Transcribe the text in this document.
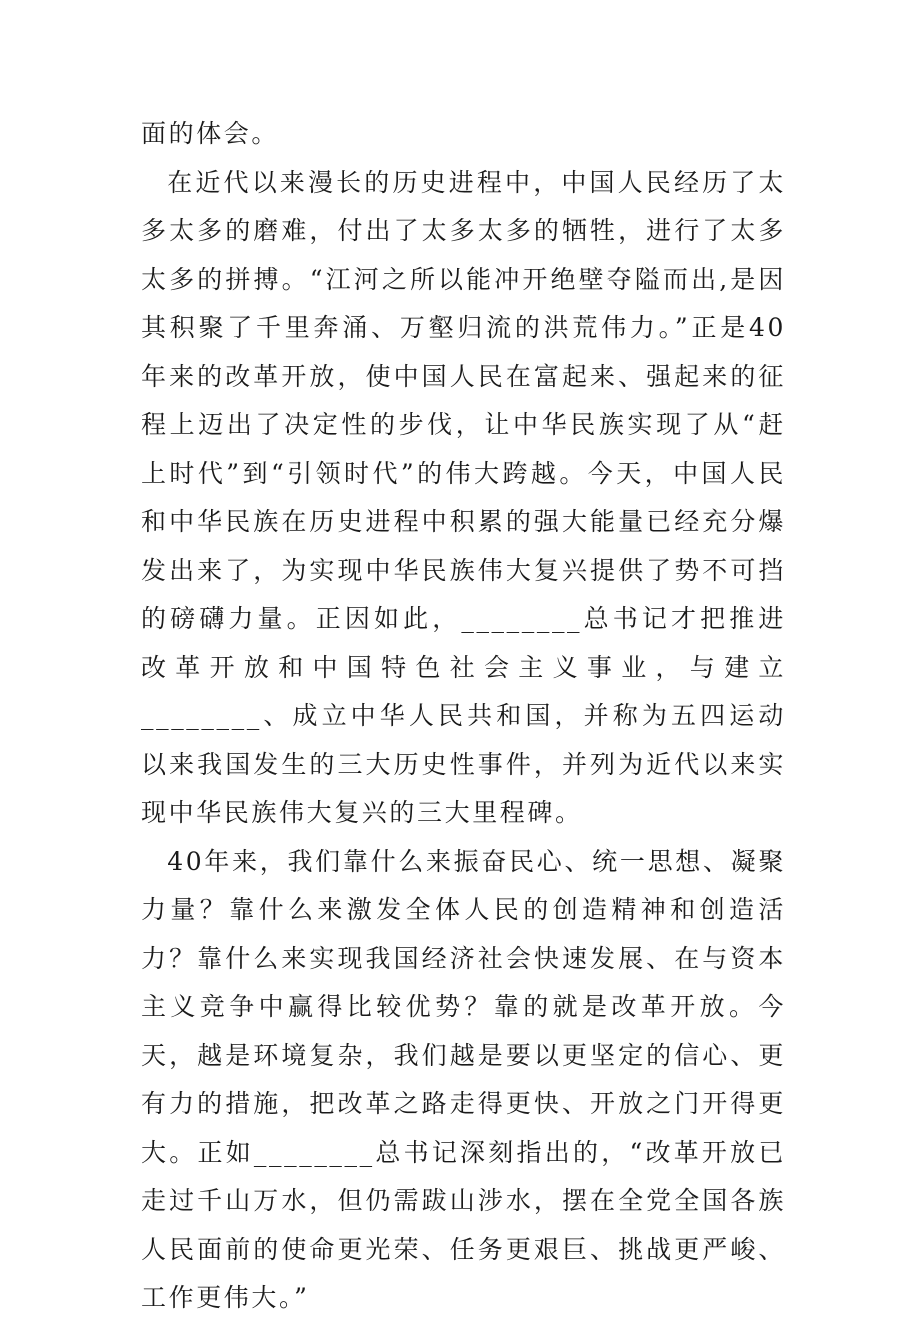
面的体会。

在近代以来漫长的历史进程中，中国人民经历了太多太多的磨难，付出了太多太多的牺牲，进行了太多太多的拼搏。“江河之所以能冲开绝壁夺隘而出,是因其积聚了千里奔涌、万壑归流的洪荒伟力。”正是40年来的改革开放，使中国人民在富起来、强起来的征程上迈出了决定性的步伐，让中华民族实现了从“赶上时代”到“引领时代”的伟大跨越。今天，中国人民和中华民族在历史进程中积累的强大能量已经充分爆发出来了，为实现中华民族伟大复兴提供了势不可挡的磅礴力量。正因如此，________总书记才把推进改革开放和中国特色社会主义事业，与建立________、成立中华人民共和国，并称为五四运动以来我国发生的三大历史性事件，并列为近代以来实现中华民族伟大复兴的三大里程碑。

40年来，我们靠什么来振奋民心、统一思想、凝聚力量？靠什么来激发全体人民的创造精神和创造活力？靠什么来实现我国经济社会快速发展、在与资本主义竞争中赢得比较优势？靠的就是改革开放。今天，越是环境复杂，我们越是要以更坚定的信心、更有力的措施，把改革之路走得更快、开放之门开得更大。正如________总书记深刻指出的，“改革开放已走过千山万水，但仍需跋山涉水，摆在全党全国各族人民面前的使命更光荣、任务更艰巨、挑战更严峻、工作更伟大。”
